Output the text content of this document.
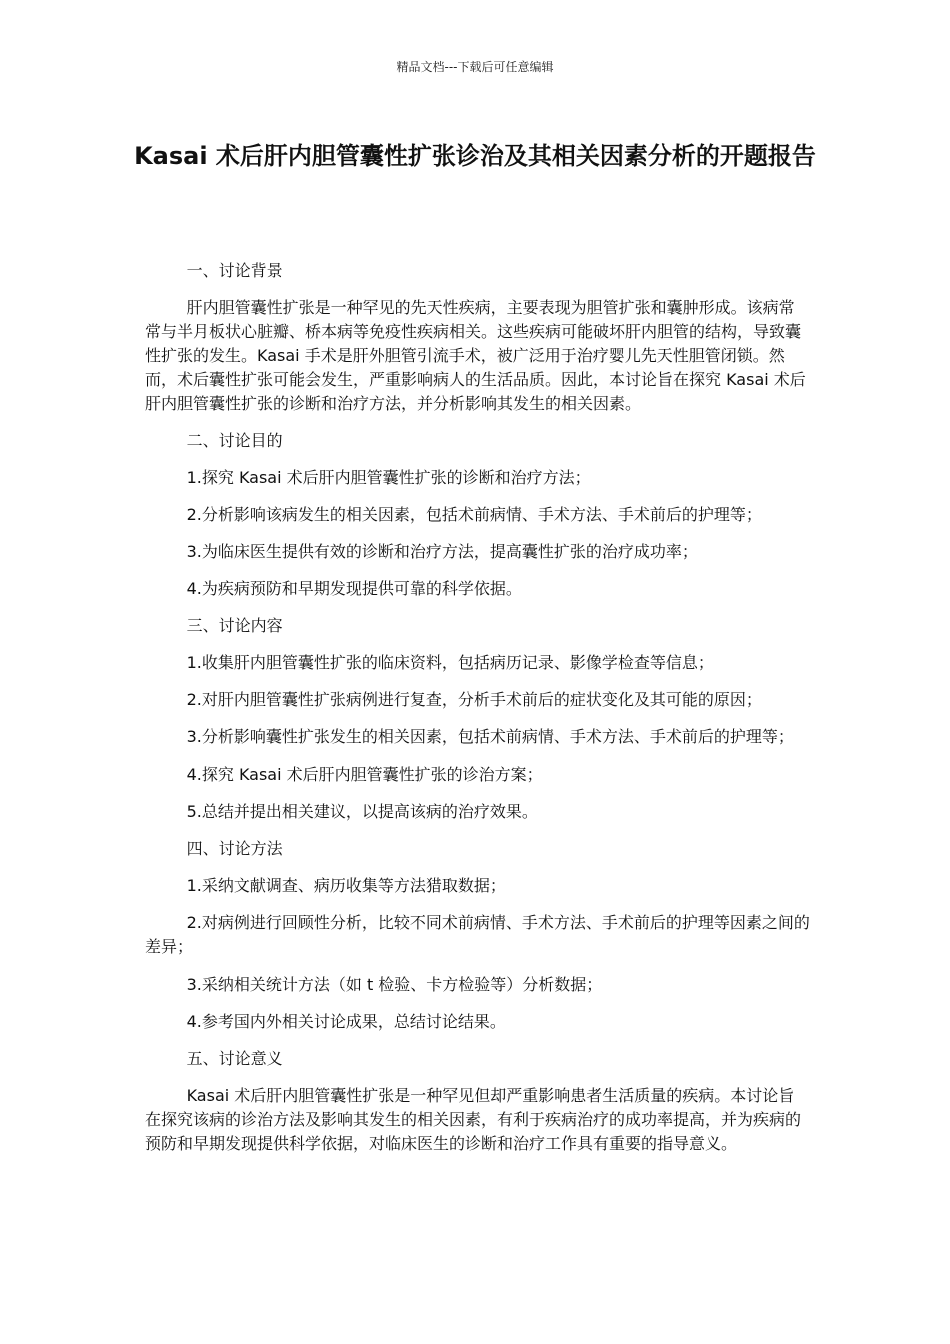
精品文档---下载后可任意编辑
Kasai 术后肝内胆管囊性扩张诊治及其相关因素分析的开题报告

一、讨论背景

肝内胆管囊性扩张是一种罕见的先天性疾病，主要表现为胆管扩张和囊肿形成。该病常常与半月板状心脏瓣、桥本病等免疫性疾病相关。这些疾病可能破坏肝内胆管的结构，导致囊性扩张的发生。Kasai 手术是肝外胆管引流手术，被广泛用于治疗婴儿先天性胆管闭锁。然而，术后囊性扩张可能会发生，严重影响病人的生活品质。因此，本讨论旨在探究 Kasai 术后肝内胆管囊性扩张的诊断和治疗方法，并分析影响其发生的相关因素。

二、讨论目的

1.探究 Kasai 术后肝内胆管囊性扩张的诊断和治疗方法；

2.分析影响该病发生的相关因素，包括术前病情、手术方法、手术前后的护理等；

3.为临床医生提供有效的诊断和治疗方法，提高囊性扩张的治疗成功率；

4.为疾病预防和早期发现提供可靠的科学依据。

三、讨论内容

1.收集肝内胆管囊性扩张的临床资料，包括病历记录、影像学检查等信息；

2.对肝内胆管囊性扩张病例进行复查，分析手术前后的症状变化及其可能的原因；

3.分析影响囊性扩张发生的相关因素，包括术前病情、手术方法、手术前后的护理等；

4.探究 Kasai 术后肝内胆管囊性扩张的诊治方案；

5.总结并提出相关建议，以提高该病的治疗效果。

四、讨论方法

1.采纳文献调查、病历收集等方法猎取数据；

2.对病例进行回顾性分析，比较不同术前病情、手术方法、手术前后的护理等因素之间的差异；

3.采纳相关统计方法（如 t 检验、卡方检验等）分析数据；

4.参考国内外相关讨论成果，总结讨论结果。

五、讨论意义

Kasai 术后肝内胆管囊性扩张是一种罕见但却严重影响患者生活质量的疾病。本讨论旨在探究该病的诊治方法及影响其发生的相关因素，有利于疾病治疗的成功率提高，并为疾病的预防和早期发现提供科学依据，对临床医生的诊断和治疗工作具有重要的指导意义。
